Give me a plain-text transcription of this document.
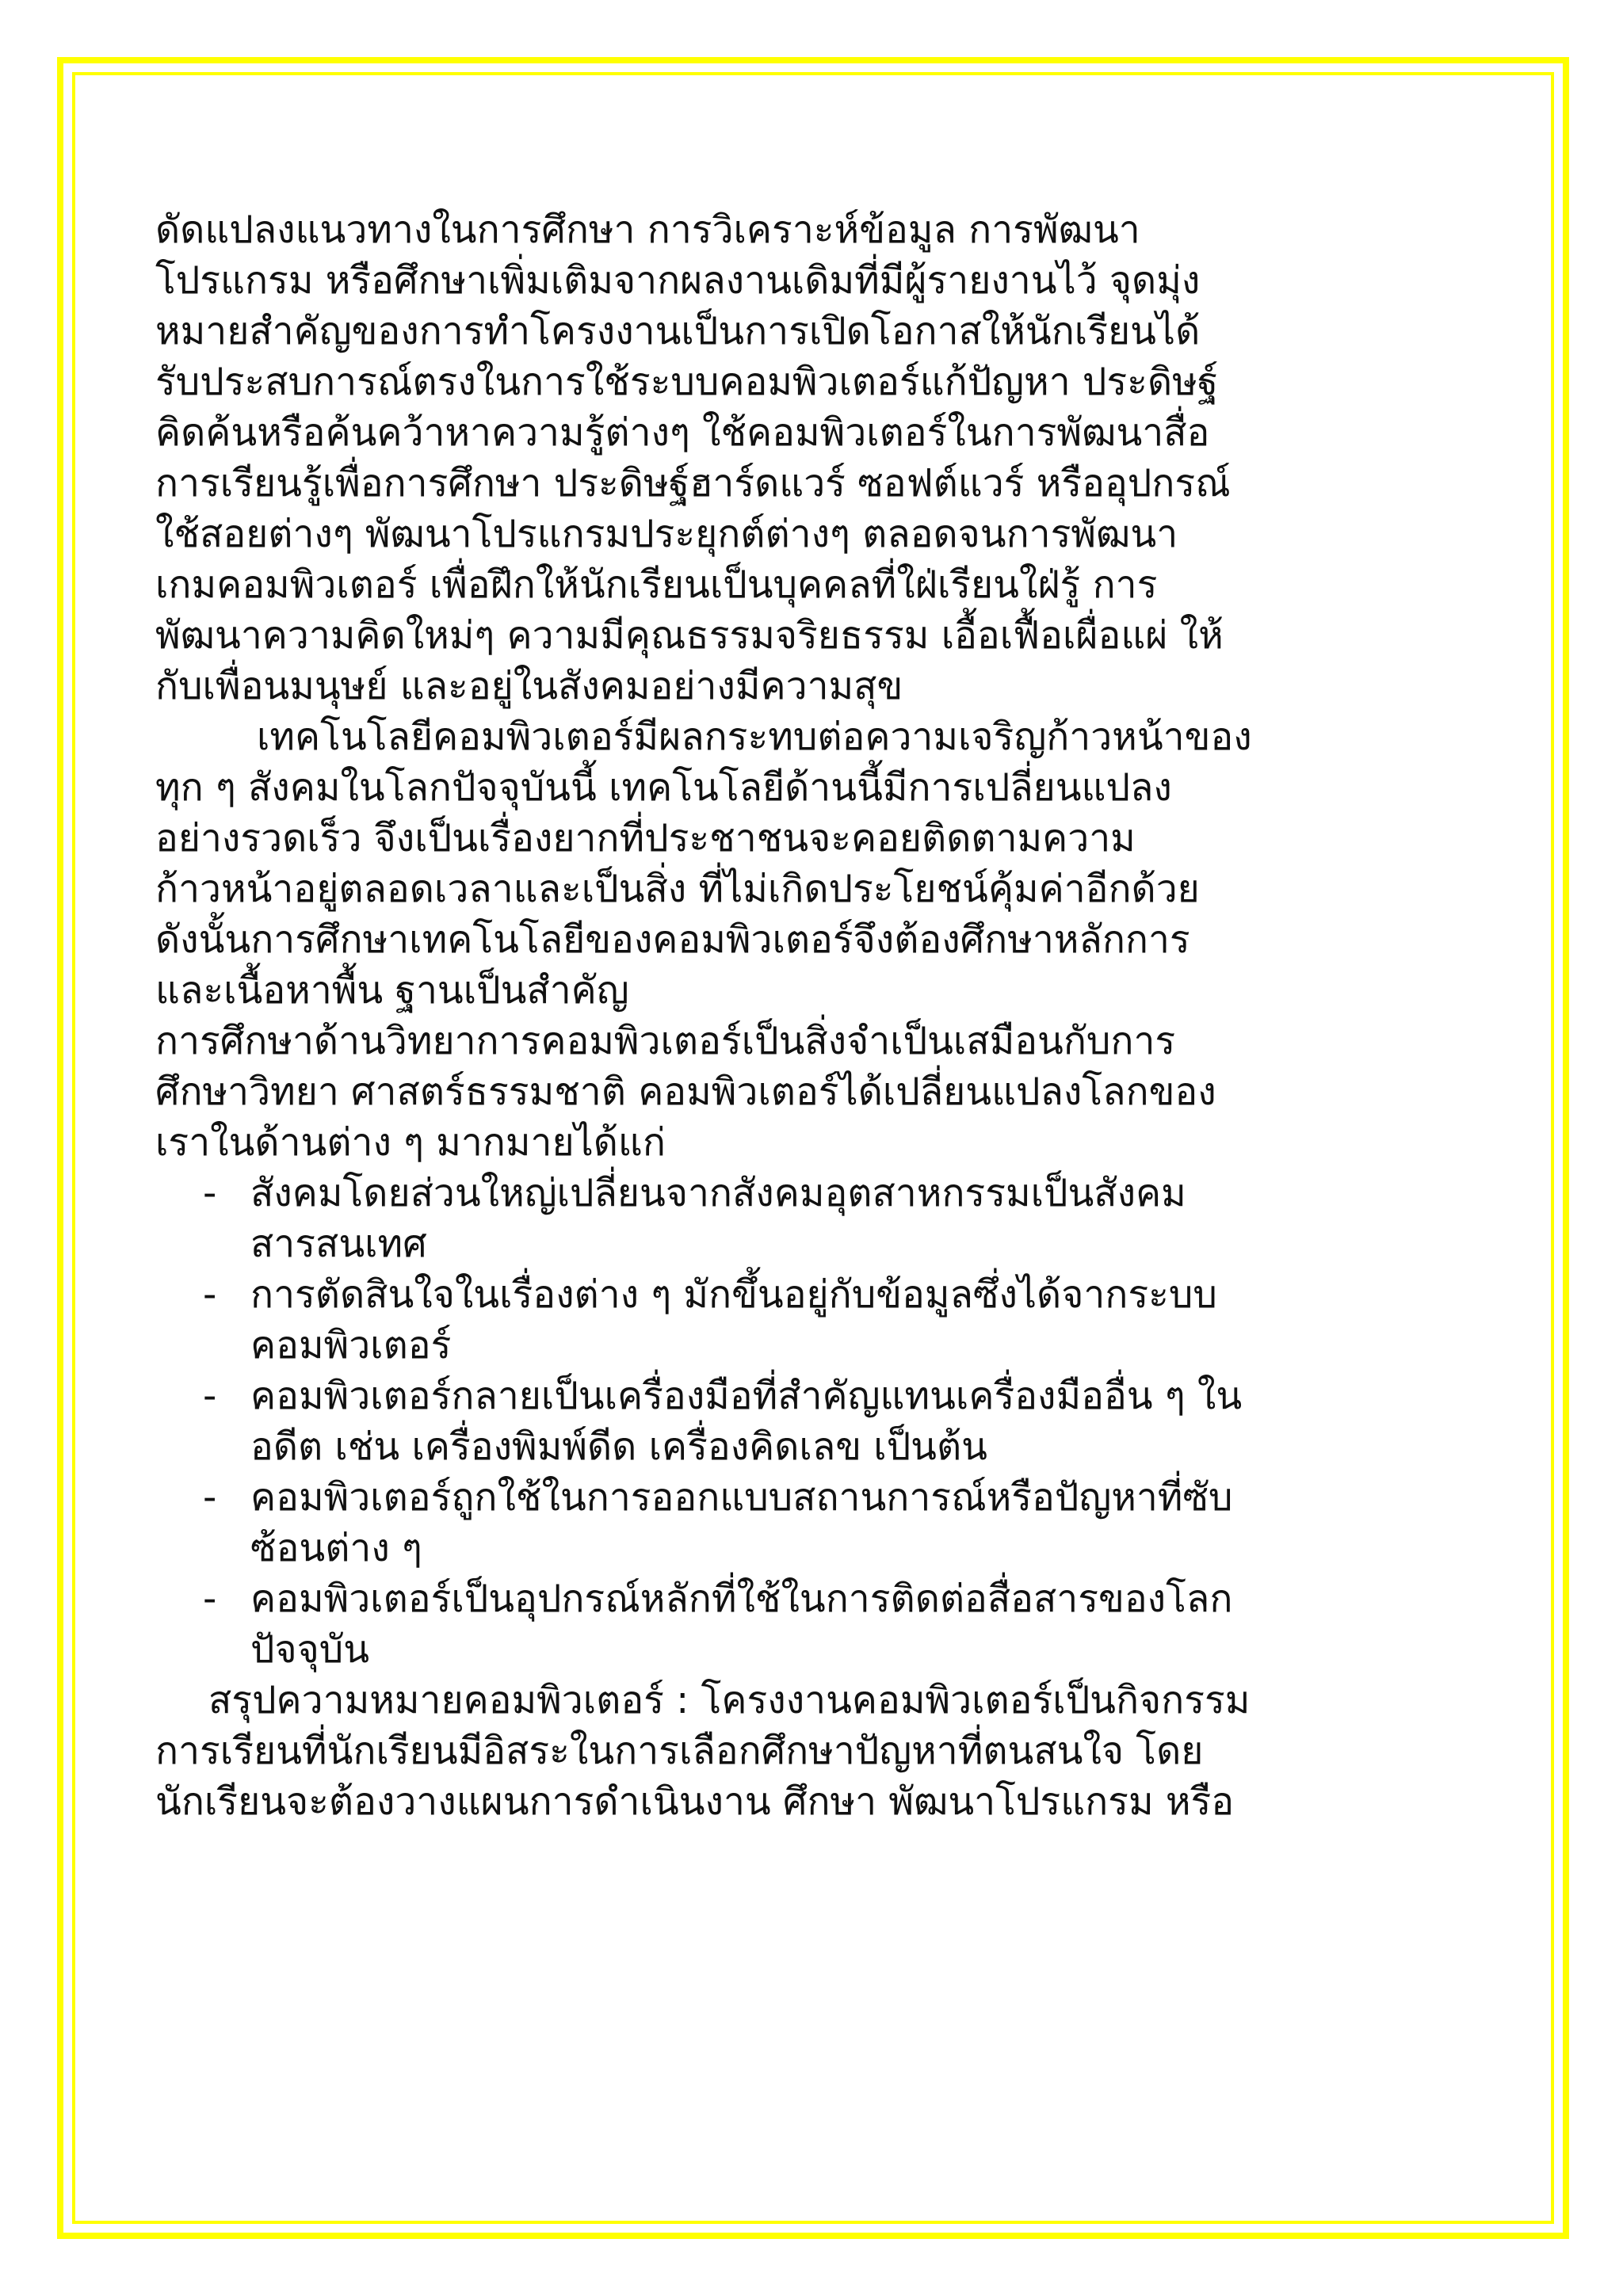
ดัดแปลงแนวทางในการศึกษา การวิเคราะห์ข้อมูล การพัฒนา
โปรแกรม หรือศึกษาเพิ่มเติมจากผลงานเดิมที่มีผู้รายงานไว้ จุดมุ่ง
หมายสำคัญของการทำโครงงานเป็นการเปิดโอกาสให้นักเรียนได้
รับประสบการณ์ตรงในการใช้ระบบคอมพิวเตอร์แก้ปัญหา ประดิษฐ์
คิดค้นหรือค้นคว้าหาความรู้ต่างๆ ใช้คอมพิวเตอร์ในการพัฒนาสื่อ
การเรียนรู้เพื่อการศึกษา ประดิษฐ์ฮาร์ดแวร์ ซอฟต์แวร์ หรืออุปกรณ์
ใช้สอยต่างๆ พัฒนาโปรแกรมประยุกต์ต่างๆ ตลอดจนการพัฒนา
เกมคอมพิวเตอร์ เพื่อฝึกให้นักเรียนเป็นบุคคลที่ใฝ่เรียนใฝ่รู้ การ
พัฒนาความคิดใหม่ๆ ความมีคุณธรรมจริยธรรม เอื้อเฟื้อเผื่อแผ่ ให้
กับเพื่อนมนุษย์ และอยู่ในสังคมอย่างมีความสุข
เทคโนโลยีคอมพิวเตอร์มีผลกระทบต่อความเจริญก้าวหน้าของ
ทุก ๆ สังคมในโลกปัจจุบันนี้ เทคโนโลยีด้านนี้มีการเปลี่ยนแปลง
อย่างรวดเร็ว จึงเป็นเรื่องยากที่ประชาชนจะคอยติดตามความ
ก้าวหน้าอยู่ตลอดเวลาและเป็นสิ่ง ที่ไม่เกิดประโยชน์คุ้มค่าอีกด้วย
ดังนั้นการศึกษาเทคโนโลยีของคอมพิวเตอร์จึงต้องศึกษาหลักการ
และเนื้อหาพื้น ฐานเป็นสำคัญ
การศึกษาด้านวิทยาการคอมพิวเตอร์เป็นสิ่งจำเป็นเสมือนกับการ
ศึกษาวิทยา ศาสตร์ธรรมชาติ คอมพิวเตอร์ได้เปลี่ยนแปลงโลกของ
เราในด้านต่าง ๆ มากมายได้แก่
- สังคมโดยส่วนใหญ่เปลี่ยนจากสังคมอุตสาหกรรมเป็นสังคม
สารสนเทศ
- การตัดสินใจในเรื่องต่าง ๆ มักขึ้นอยู่กับข้อมูลซึ่งได้จากระบบ
คอมพิวเตอร์
- คอมพิวเตอร์กลายเป็นเครื่องมือที่สำคัญแทนเครื่องมืออื่น ๆ ใน
อดีต เช่น เครื่องพิมพ์ดีด เครื่องคิดเลข เป็นต้น
- คอมพิวเตอร์ถูกใช้ในการออกแบบสถานการณ์หรือปัญหาที่ซับ
ซ้อนต่าง ๆ
- คอมพิวเตอร์เป็นอุปกรณ์หลักที่ใช้ในการติดต่อสื่อสารของโลก
ปัจจุบัน
สรุปความหมายคอมพิวเตอร์ : โครงงานคอมพิวเตอร์เป็นกิจกรรม
การเรียนที่นักเรียนมีอิสระในการเลือกศึกษาปัญหาที่ตนสนใจ โดย
นักเรียนจะต้องวางแผนการดำเนินงาน ศึกษา พัฒนาโปรแกรม หรือ
